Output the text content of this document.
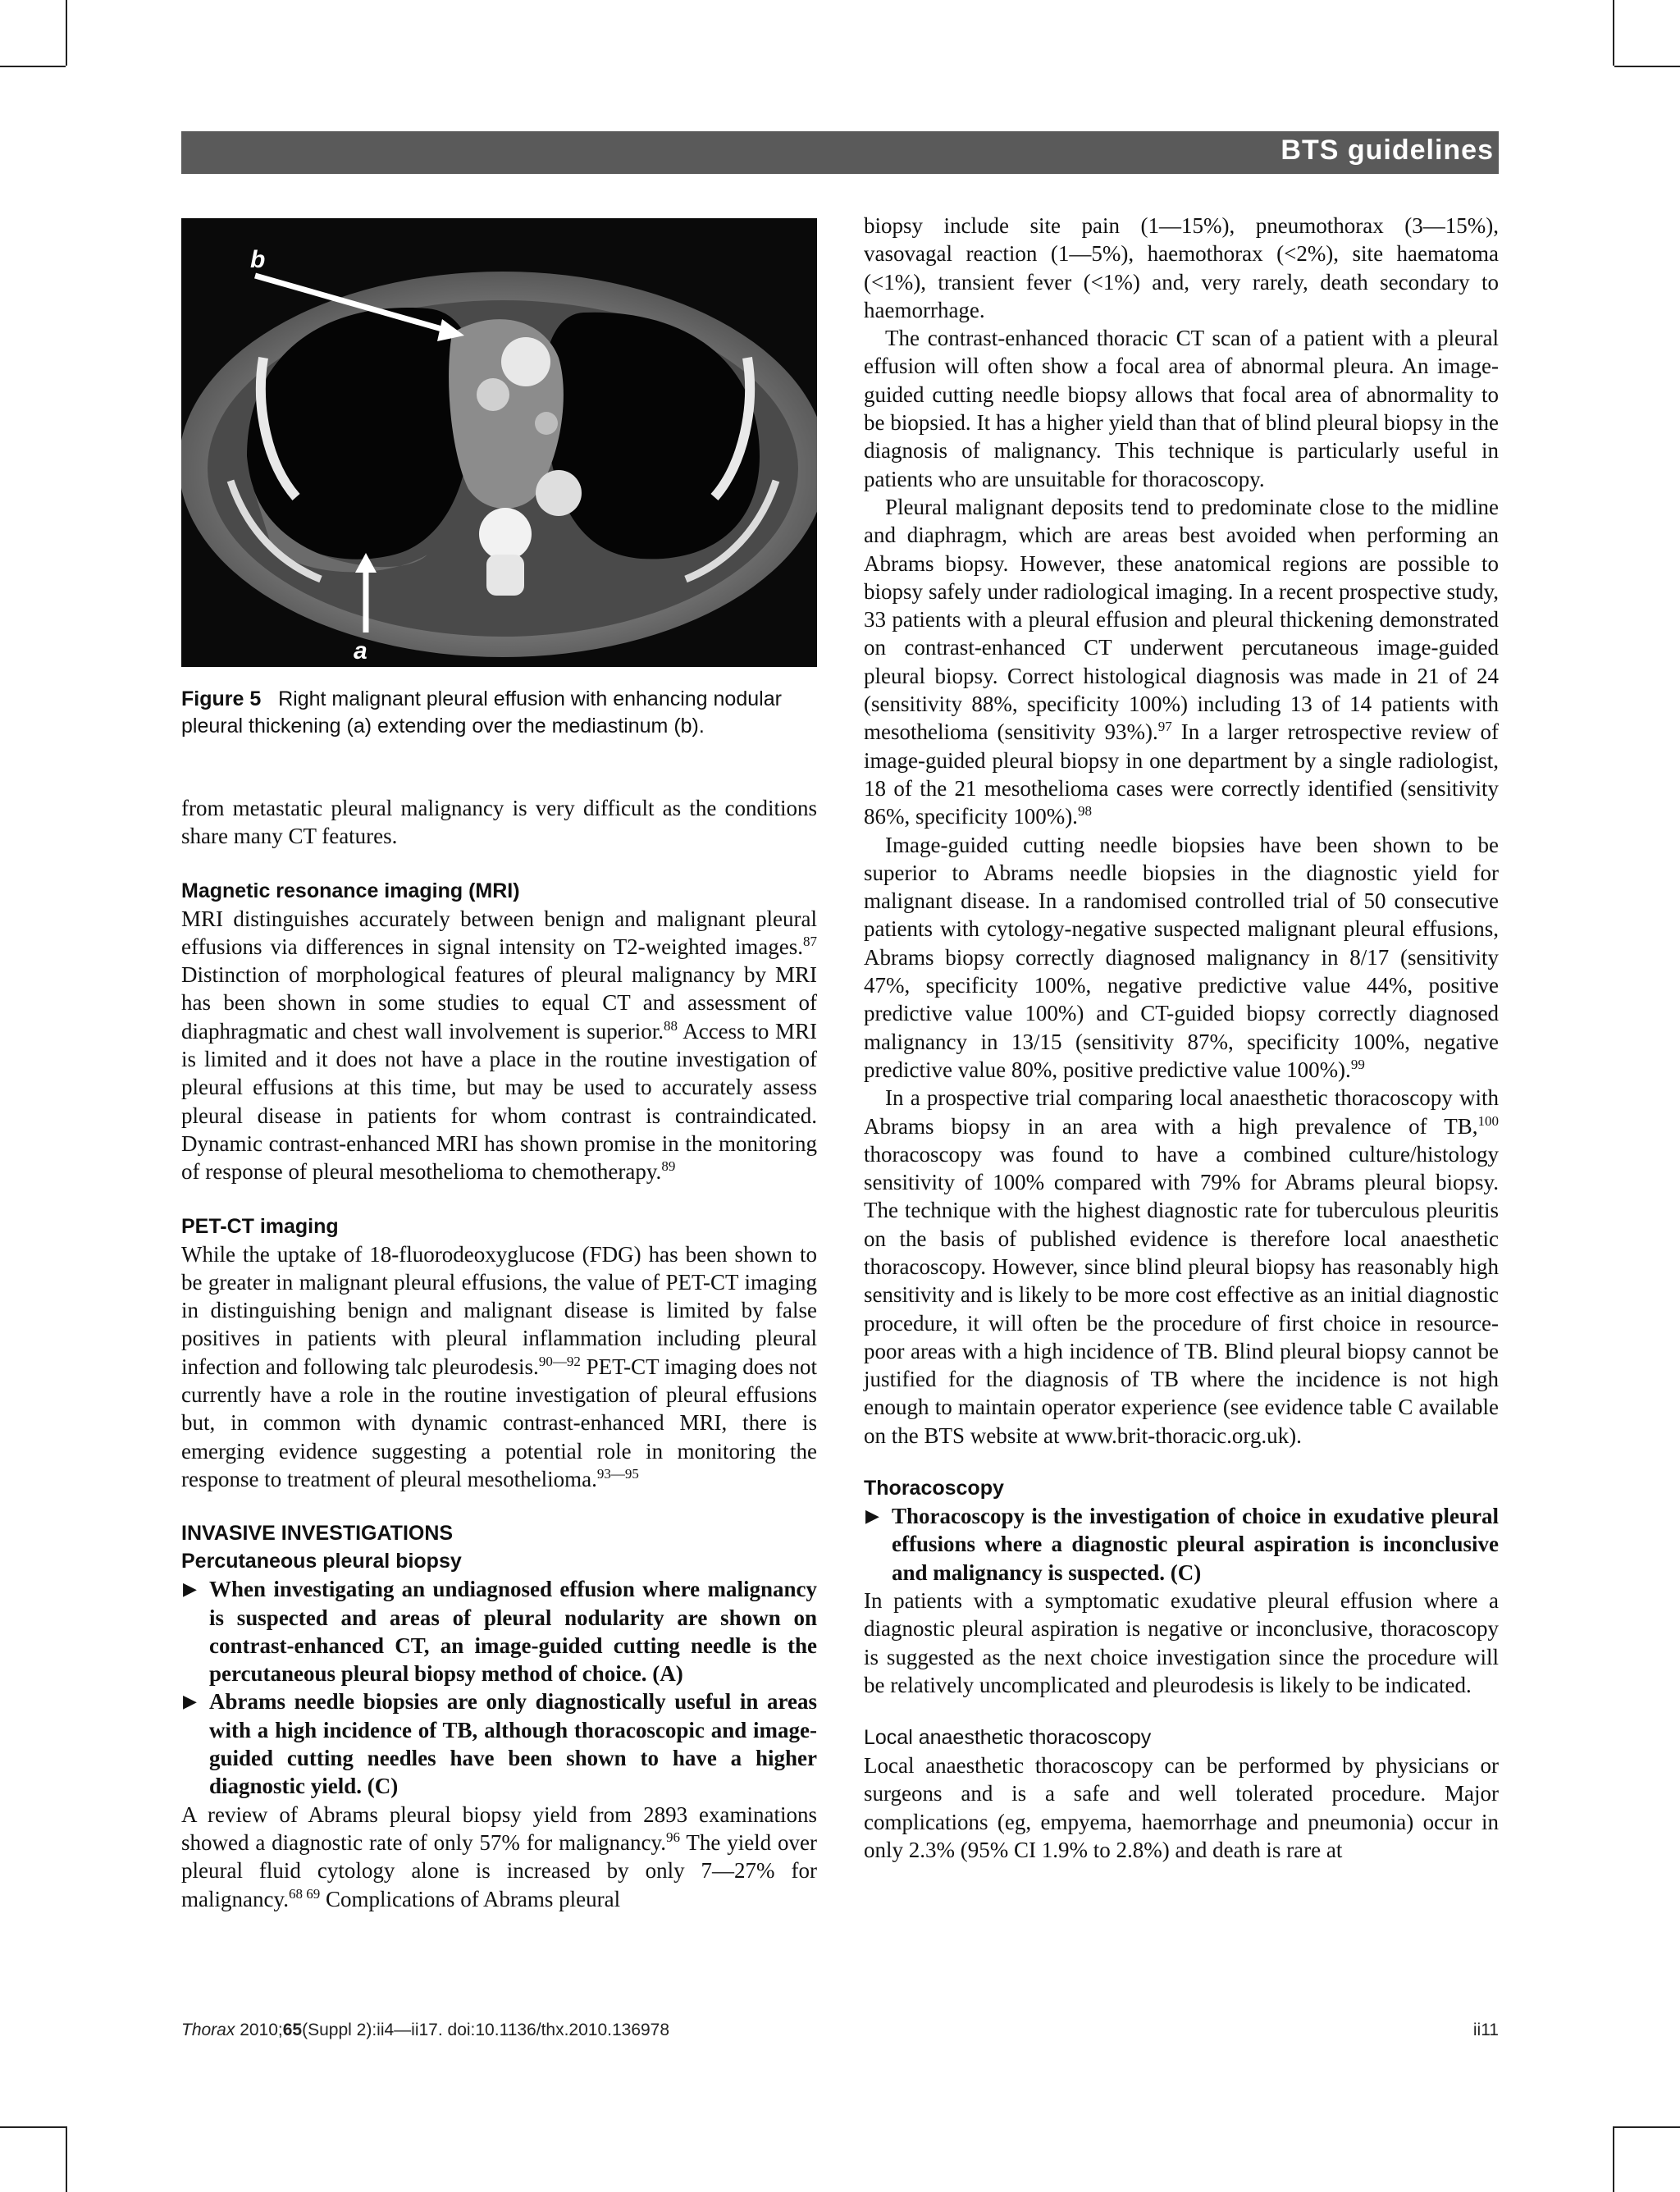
BTS guidelines
b
a
Figure 5 Right malignant pleural effusion with enhancing nodular pleural thickening (a) extending over the mediastinum (b).

from metastatic pleural malignancy is very difficult as the conditions share many CT features.

Magnetic resonance imaging (MRI)

MRI distinguishes accurately between benign and malignant pleural effusions via differences in signal intensity on T2-weighted images.$^{87}$ Distinction of morphological features of pleural malignancy by MRI has been shown in some studies to equal CT and assessment of diaphragmatic and chest wall involvement is superior.$^{88}$ Access to MRI is limited and it does not have a place in the routine investigation of pleural effusions at this time, but may be used to accurately assess pleural disease in patients for whom contrast is contraindicated. Dynamic contrast-enhanced MRI has shown promise in the monitoring of response of pleural mesothelioma to chemotherapy.$^{89}$

PET-CT imaging

While the uptake of 18-fluorodeoxyglucose (FDG) has been shown to be greater in malignant pleural effusions, the value of PET-CT imaging in distinguishing benign and malignant disease is limited by false positives in patients with pleural inflammation including pleural infection and following talc pleurodesis.$^{90—92}$ PET-CT imaging does not currently have a role in the routine investigation of pleural effusions but, in common with dynamic contrast-enhanced MRI, there is emerging evidence suggesting a potential role in monitoring the response to treatment of pleural mesothelioma.$^{93—95}$

INVASIVE INVESTIGATIONS

Percutaneous pleural biopsy

▶ When investigating an undiagnosed effusion where malignancy is suspected and areas of pleural nodularity are shown on contrast-enhanced CT, an image-guided cutting needle is the percutaneous pleural biopsy method of choice. (A)

▶ Abrams needle biopsies are only diagnostically useful in areas with a high incidence of TB, although thoracoscopic and image-guided cutting needles have been shown to have a higher diagnostic yield. (C)

A review of Abrams pleural biopsy yield from 2893 examinations showed a diagnostic rate of only 57% for malignancy.$^{96}$ The yield over pleural fluid cytology alone is increased by only 7—27% for malignancy.$^{68 69}$ Complications of Abrams pleural

biopsy include site pain (1—15%), pneumothorax (3—15%), vasovagal reaction (1—5%), haemothorax (<2%), site haematoma (<1%), transient fever (<1%) and, very rarely, death secondary to haemorrhage.

The contrast-enhanced thoracic CT scan of a patient with a pleural effusion will often show a focal area of abnormal pleura. An image-guided cutting needle biopsy allows that focal area of abnormality to be biopsied. It has a higher yield than that of blind pleural biopsy in the diagnosis of malignancy. This technique is particularly useful in patients who are unsuitable for thoracoscopy.

Pleural malignant deposits tend to predominate close to the midline and diaphragm, which are areas best avoided when performing an Abrams biopsy. However, these anatomical regions are possible to biopsy safely under radiological imaging. In a recent prospective study, 33 patients with a pleural effusion and pleural thickening demonstrated on contrast-enhanced CT underwent percutaneous image-guided pleural biopsy. Correct histological diagnosis was made in 21 of 24 (sensitivity 88%, specificity 100%) including 13 of 14 patients with mesothelioma (sensitivity 93%).$^{97}$ In a larger retrospective review of image-guided pleural biopsy in one department by a single radiologist, 18 of the 21 mesothelioma cases were correctly identified (sensitivity 86%, specificity 100%).$^{98}$

Image-guided cutting needle biopsies have been shown to be superior to Abrams needle biopsies in the diagnostic yield for malignant disease. In a randomised controlled trial of 50 consecutive patients with cytology-negative suspected malignant pleural effusions, Abrams biopsy correctly diagnosed malignancy in 8/17 (sensitivity 47%, specificity 100%, negative predictive value 44%, positive predictive value 100%) and CT-guided biopsy correctly diagnosed malignancy in 13/15 (sensitivity 87%, specificity 100%, negative predictive value 80%, positive predictive value 100%).$^{99}$

In a prospective trial comparing local anaesthetic thoracoscopy with Abrams biopsy in an area with a high prevalence of TB,$^{100}$ thoracoscopy was found to have a combined culture/histology sensitivity of 100% compared with 79% for Abrams pleural biopsy. The technique with the highest diagnostic rate for tuberculous pleuritis on the basis of published evidence is therefore local anaesthetic thoracoscopy. However, since blind pleural biopsy has reasonably high sensitivity and is likely to be more cost effective as an initial diagnostic procedure, it will often be the procedure of first choice in resource-poor areas with a high incidence of TB. Blind pleural biopsy cannot be justified for the diagnosis of TB where the incidence is not high enough to maintain operator experience (see evidence table C available on the BTS website at www.brit-thoracic.org.uk).

Thoracoscopy

▶ Thoracoscopy is the investigation of choice in exudative pleural effusions where a diagnostic pleural aspiration is inconclusive and malignancy is suspected. (C)

In patients with a symptomatic exudative pleural effusion where a diagnostic pleural aspiration is negative or inconclusive, thoracoscopy is suggested as the next choice investigation since the procedure will be relatively uncomplicated and pleurodesis is likely to be indicated.

Local anaesthetic thoracoscopy

Local anaesthetic thoracoscopy can be performed by physicians or surgeons and is a safe and well tolerated procedure. Major complications (eg, empyema, haemorrhage and pneumonia) occur in only 2.3% (95% CI 1.9% to 2.8%) and death is rare at

Thorax 2010;65(Suppl 2):ii4—ii17. doi:10.1136/thx.2010.136978	ii11
